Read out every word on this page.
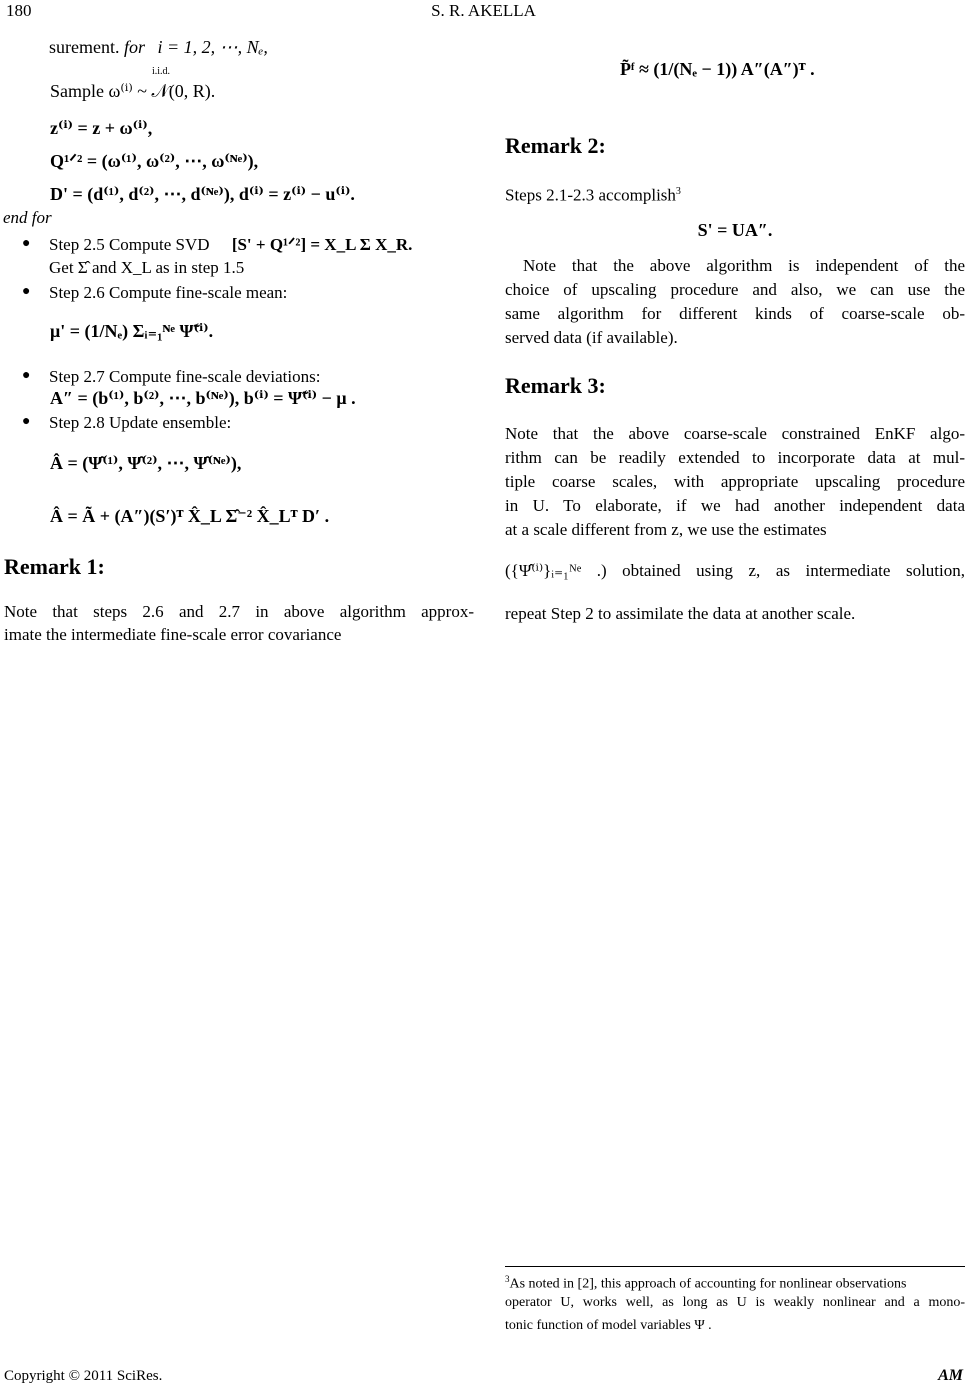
180	S. R. AKELLA
surement. for i = 1, 2, ⋯, Nₑ,
i.i.d.
Sample ω⁽ⁱ⁾ ~ 𝒩(0, R).
z⁽ⁱ⁾ = z + ω⁽ⁱ⁾,
Q¹ᐟ² = (ω⁽¹⁾, ω⁽²⁾, ⋯, ω⁽ᴺᵉ⁾),
D' = (d⁽¹⁾, d⁽²⁾, ⋯, d⁽ᴺᵉ⁾), d⁽ⁱ⁾ = z⁽ⁱ⁾ − u⁽ⁱ⁾.
end for
● Step 2.5 Compute SVD [S' + Q¹ᐟ²] = X_L Σ X_R.
Get Σ̂ and X_L as in step 1.5
● Step 2.6 Compute fine-scale mean:
μ' = (1/Nₑ) Σᵢ₌₁ᴺᵉ Ψ̃⁽ⁱ⁾.
● Step 2.7 Compute fine-scale deviations:
A″ = (b⁽¹⁾, b⁽²⁾, ⋯, b⁽ᴺᵉ⁾), b⁽ⁱ⁾ = Ψ̃⁽ⁱ⁾ − μ .
● Step 2.8 Update ensemble:
Â = (Ψ̂⁽¹⁾, Ψ̂⁽²⁾, ⋯, Ψ̂⁽ᴺᵉ⁾),
Â = Ã + (A″)(S′)ᵀ X̂_L Σ̂⁻² X̂_Lᵀ D′ .
Remark 1:
Note that steps 2.6 and 2.7 in above algorithm approx-
imate the intermediate fine-scale error covariance
P̃ᶠ ≈ (1/(Nₑ − 1)) A″(A″)ᵀ .
Remark 2:
Steps 2.1-2.3 accomplish$^3$
S' = UA″.
Note that the above algorithm is independent of the
choice of upscaling procedure and also, we can use the
same algorithm for different kinds of coarse-scale ob-
served data (if available).
Remark 3:
Note that the above coarse-scale constrained EnKF algo-
rithm can be readily extended to incorporate data at mul-
tiple coarse scales, with appropriate upscaling procedure
in U. To elaborate, if we had another independent data
at a scale different from z, we use the estimates
({Ψ̂⁽ⁱ⁾}ᵢ₌₁ᴺᵉ .) obtained using z, as intermediate solution,
repeat Step 2 to assimilate the data at another scale.
$^3$As noted in [2], this approach of accounting for nonlinear observations
operator U, works well, as long as U is weakly nonlinear and a mono-
tonic function of model variables Ψ .
Copyright © 2011 SciRes.	AM
